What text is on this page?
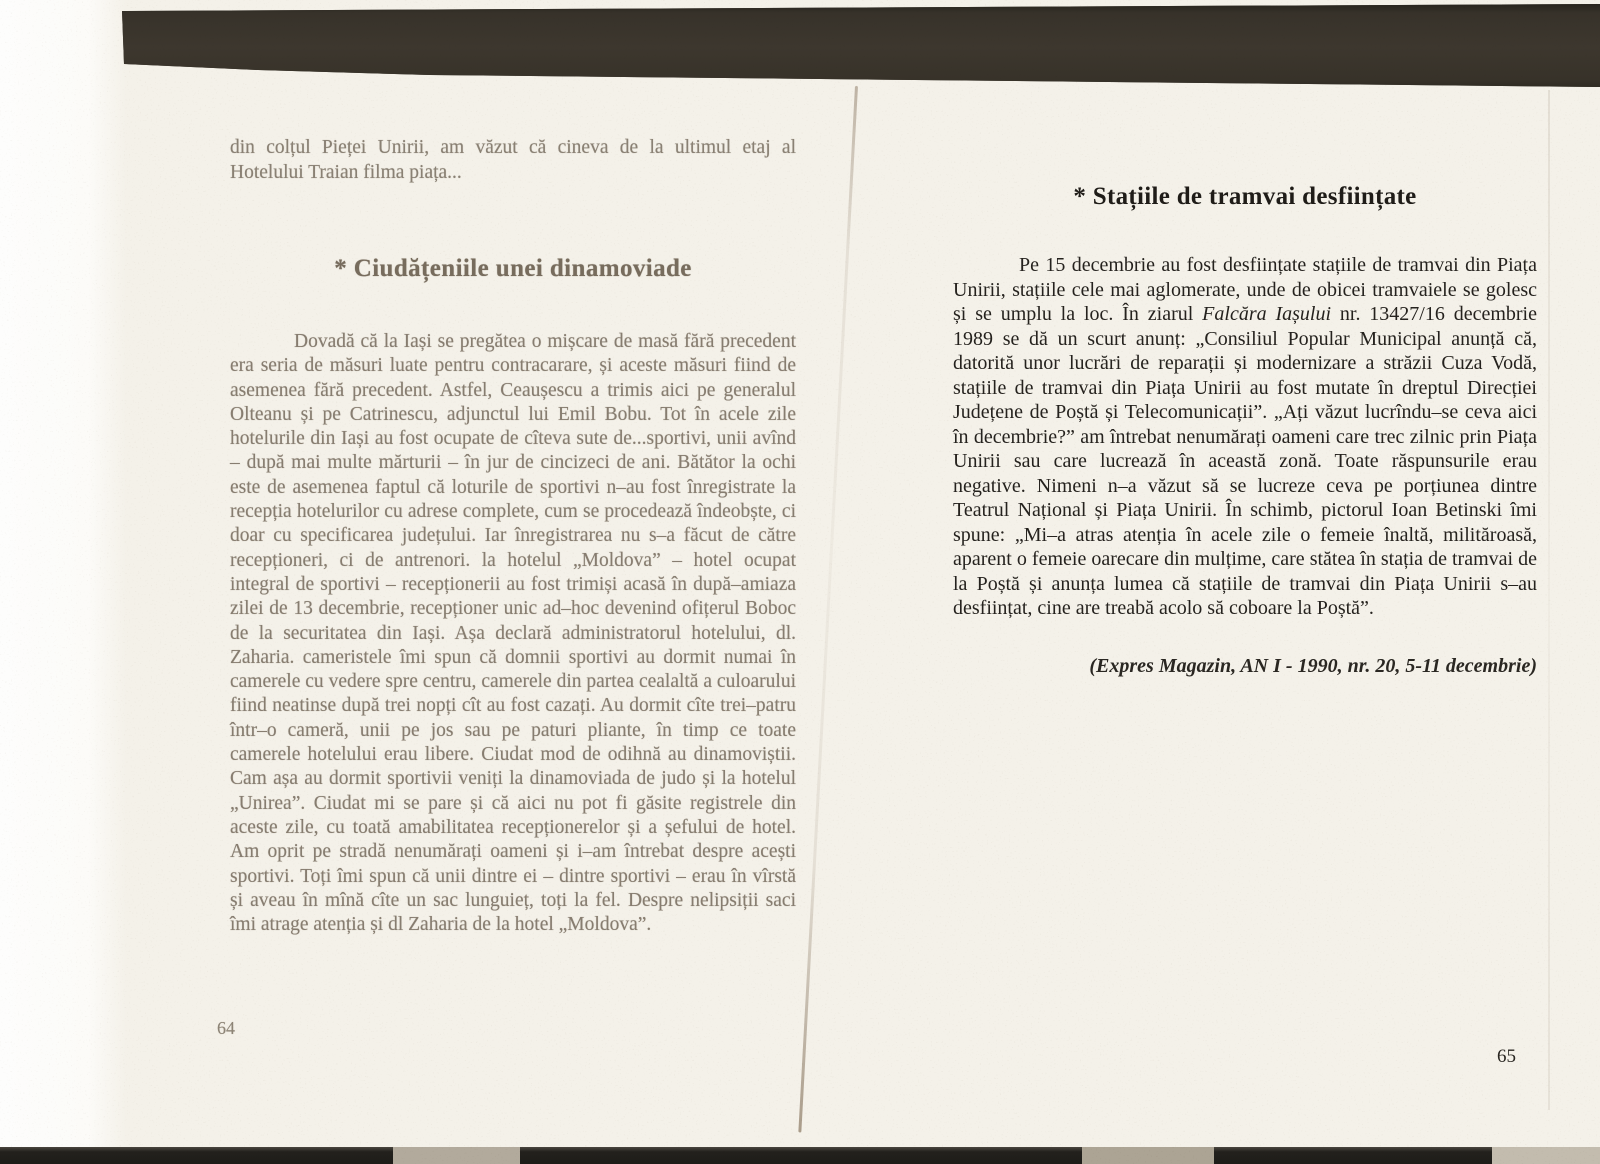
din colțul Pieței Unirii, am văzut că cineva de la ultimul etaj al Hotelului Traian filma piața...

* Ciudățeniile unei dinamoviade

Dovadă că la Iași se pregătea o mișcare de masă fără precedent era seria de măsuri luate pentru contracarare, și aceste măsuri fiind de asemenea fără precedent. Astfel, Ceaușescu a trimis aici pe generalul Olteanu și pe Catrinescu, adjunctul lui Emil Bobu. Tot în acele zile hotelurile din Iași au fost ocupate de cîteva sute de...sportivi, unii avînd – după mai multe mărturii – în jur de cincizeci de ani. Bătător la ochi este de asemenea faptul că loturile de sportivi n–au fost înregistrate la recepția hotelurilor cu adrese complete, cum se procedează îndeobște, ci doar cu specificarea județului. Iar înregistrarea nu s–a făcut de către recepționeri, ci de antrenori. la hotelul „Moldova” – hotel ocupat integral de sportivi – recepționerii au fost trimiși acasă în după–amiaza zilei de 13 decembrie, recepționer unic ad–hoc devenind ofițerul Boboc de la securitatea din Iași. Așa declară administratorul hotelului, dl. Zaharia. cameristele îmi spun că domnii sportivi au dormit numai în camerele cu vedere spre centru, camerele din partea cealaltă a culoarului fiind neatinse după trei nopți cît au fost cazați. Au dormit cîte trei–patru într–o cameră, unii pe jos sau pe paturi pliante, în timp ce toate camerele hotelului erau libere. Ciudat mod de odihnă au dinamoviștii. Cam așa au dormit sportivii veniți la dinamoviada de judo și la hotelul „Unirea”. Ciudat mi se pare și că aici nu pot fi găsite registrele din aceste zile, cu toată amabilitatea recepționerelor și a șefului de hotel. Am oprit pe stradă nenumărați oameni și i–am întrebat despre acești sportivi. Toți îmi spun că unii dintre ei – dintre sportivi – erau în vîrstă și aveau în mînă cîte un sac lunguieț, toți la fel. Despre nelipsiții saci îmi atrage atenția și dl Zaharia de la hotel „Moldova”.

64
* Stațiile de tramvai desființate

Pe 15 decembrie au fost desființate stațiile de tramvai din Piața Unirii, stațiile cele mai aglomerate, unde de obicei tramvaiele se golesc și se umplu la loc. În ziarul Falcăra Iașului nr. 13427/16 decembrie 1989 se dă un scurt anunț: „Consiliul Popular Municipal anunță că, datorită unor lucrări de reparații și modernizare a străzii Cuza Vodă, stațiile de tramvai din Piața Unirii au fost mutate în dreptul Direcției Județene de Poștă și Telecomunicații”. „Ați văzut lucrîndu–se ceva aici în decembrie?” am întrebat nenumărați oameni care trec zilnic prin Piața Unirii sau care lucrează în această zonă. Toate răspunsurile erau negative. Nimeni n–a văzut să se lucreze ceva pe porțiunea dintre Teatrul Național și Piața Unirii. În schimb, pictorul Ioan Betinski îmi spune: „Mi–a atras atenția în acele zile o femeie înaltă, milităroasă, aparent o femeie oarecare din mulțime, care stătea în stația de tramvai de la Poștă și anunța lumea că stațiile de tramvai din Piața Unirii s–au desființat, cine are treabă acolo să coboare la Poștă”.

(Expres Magazin, AN I - 1990, nr. 20, 5-11 decembrie)

65
